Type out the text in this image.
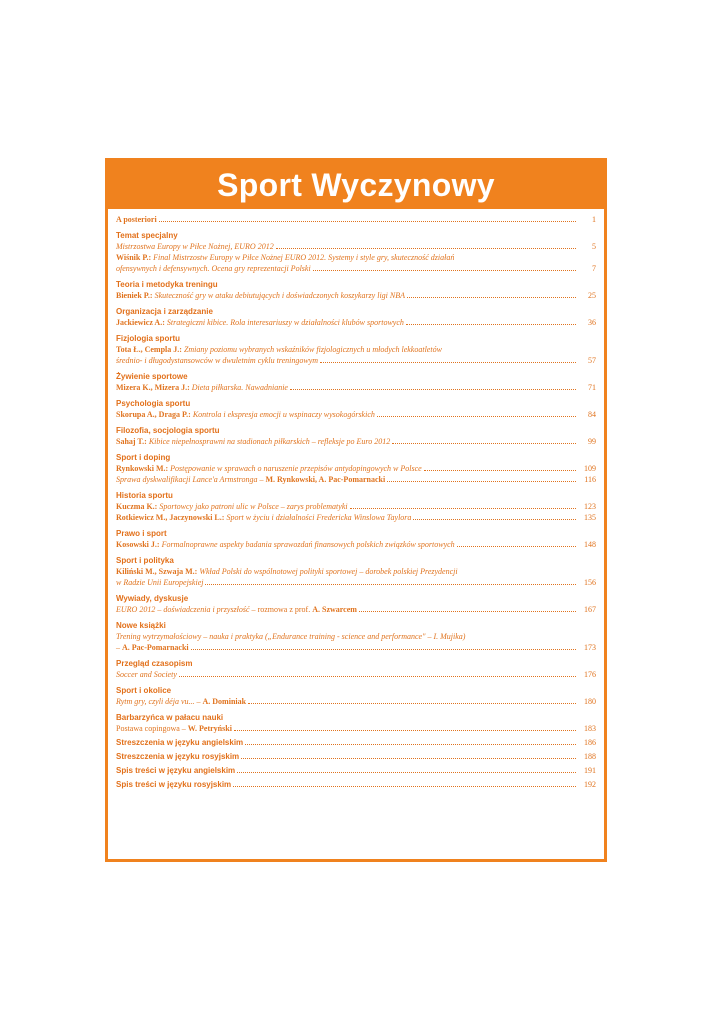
Sport Wyczynowy
A posteriori	1
Temat specjalny
Mistrzostwa Europy w Piłce Nożnej, EURO 2012	5
Wiśnik P.: Final Mistrzostw Europy w Piłce Nożnej EURO 2012. Systemy i style gry, skuteczność działań
ofensywnych i defensywnych. Ocena gry reprezentacji Polski	7
Teoria i metodyka treningu
Bieniek P.: Skuteczność gry w ataku debiutujących i doświadczonych koszykarzy ligi NBA	25
Organizacja i zarządzanie
Jackiewicz A.: Strategiczni kibice. Rola interesariuszy w działalności klubów sportowych	36
Fizjologia sportu
Tota Ł., Cempla J.: Zmiany poziomu wybranych wskaźników fizjologicznych u młodych lekkoatletów
średnio- i długodystansowców w dwuletnim cyklu treningowym	57
Żywienie sportowe
Mizera K., Mizera J.: Dieta piłkarska. Nawadnianie	71
Psychologia sportu
Skorupa A., Draga P.: Kontrola i ekspresja emocji u wspinaczy wysokogórskich	84
Filozofia, socjologia sportu
Sahaj T.: Kibice niepełnosprawni na stadionach piłkarskich – refleksje po Euro 2012	99
Sport i doping
Rynkowski M.: Postępowanie w sprawach o naruszenie przepisów antydopingowych w Polsce	109
Sprawa dyskwalifikacji Lance'a Armstronga – M. Rynkowski, A. Pac-Pomarnacki	116
Historia sportu
Kuczma K.: Sportowcy jako patroni ulic w Polsce – zarys problematyki	123
Rotkiewicz M., Jaczynowski L.: Sport w życiu i działalności Fredericka Winslowa Taylora	135
Prawo i sport
Kosowski J.: Formalnoprawne aspekty badania sprawozdań finansowych polskich związków sportowych	148
Sport i polityka
Kiliński M., Szwaja M.: Wkład Polski do wspólnotowej polityki sportowej – dorobek polskiej Prezydencji
w Radzie Unii Europejskiej	156
Wywiady, dyskusje
EURO 2012 – doświadczenia i przyszłość – rozmowa z prof. A. Szwarcem	167
Nowe książki
Trening wytrzymałościowy – nauka i praktyka („Endurance training - science and performance" – I. Mujika)
– A. Pac-Pomarnacki	173
Przegląd czasopism
Soccer and Society	176
Sport i okolice
Rytm gry, czyli déja vu... – A. Dominiak	180
Barbarzyńca w pałacu nauki
Postawa copingowa – W. Petryński	183
Streszczenia w języku angielskim	186
Streszczenia w języku rosyjskim	188
Spis treści w języku angielskim	191
Spis treści w języku rosyjskim	192
